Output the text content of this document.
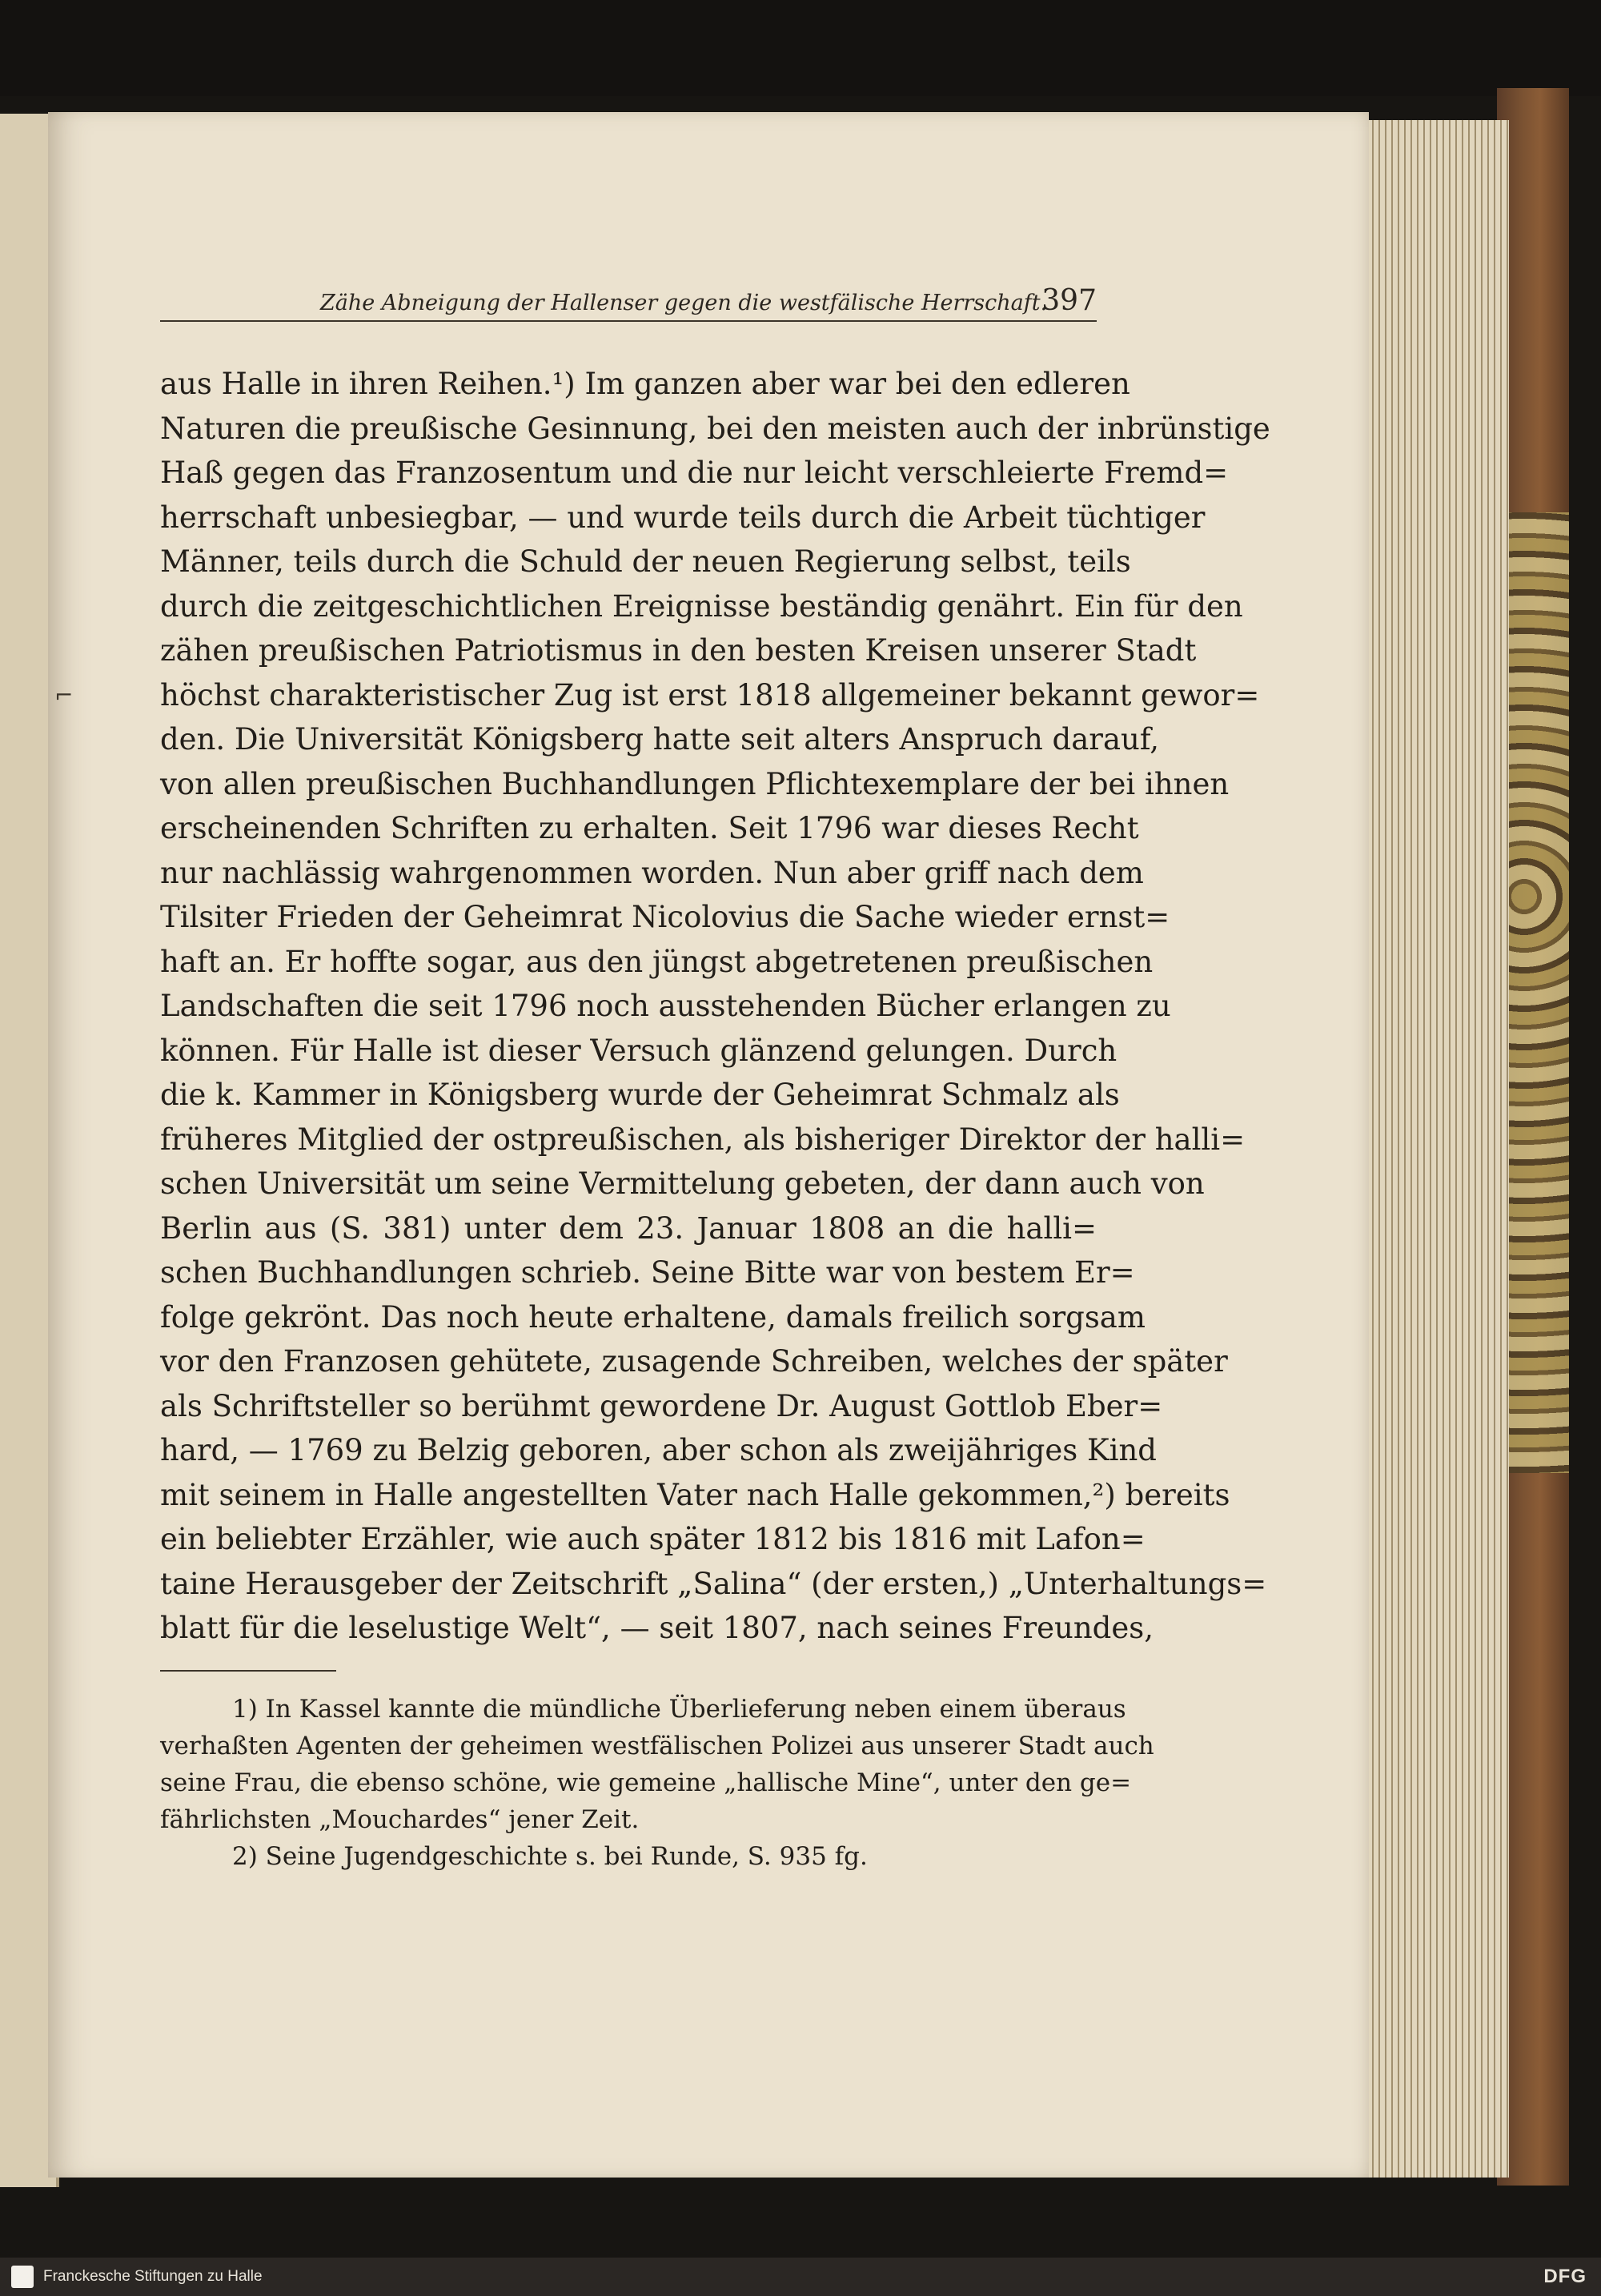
Zähe Abneigung der Hallenser gegen die westfälische Herrschaft.
397
⌐
aus Halle in ihren Reihen.¹) Im ganzen aber war bei den edleren
Naturen die preußische Gesinnung, bei den meisten auch der inbrünstige
Haß gegen das Franzosentum und die nur leicht verschleierte Fremd=
herrschaft unbesiegbar, — und wurde teils durch die Arbeit tüchtiger
Männer, teils durch die Schuld der neuen Regierung selbst, teils
durch die zeitgeschichtlichen Ereignisse beständig genährt. Ein für den
zähen preußischen Patriotismus in den besten Kreisen unserer Stadt
höchst charakteristischer Zug ist erst 1818 allgemeiner bekannt gewor=
den. Die Universität Königsberg hatte seit alters Anspruch darauf,
von allen preußischen Buchhandlungen Pflichtexemplare der bei ihnen
erscheinenden Schriften zu erhalten. Seit 1796 war dieses Recht
nur nachlässig wahrgenommen worden. Nun aber griff nach dem
Tilsiter Frieden der Geheimrat Nicolovius die Sache wieder ernst=
haft an. Er hoffte sogar, aus den jüngst abgetretenen preußischen
Landschaften die seit 1796 noch ausstehenden Bücher erlangen zu
können. Für Halle ist dieser Versuch glänzend gelungen. Durch
die k. Kammer in Königsberg wurde der Geheimrat Schmalz als
früheres Mitglied der ostpreußischen, als bisheriger Direktor der halli=
schen Universität um seine Vermittelung gebeten, der dann auch von
Berlin aus (S. 381) unter dem 23. Januar 1808 an die halli=
schen Buchhandlungen schrieb. Seine Bitte war von bestem Er=
folge gekrönt. Das noch heute erhaltene, damals freilich sorgsam
vor den Franzosen gehütete, zusagende Schreiben, welches der später
als Schriftsteller so berühmt gewordene Dr. August Gottlob Eber=
hard, — 1769 zu Belzig geboren, aber schon als zweijähriges Kind
mit seinem in Halle angestellten Vater nach Halle gekommen,²) bereits
ein beliebter Erzähler, wie auch später 1812 bis 1816 mit Lafon=
taine Herausgeber der Zeitschrift „Salina“ (der ersten,) „Unterhaltungs=
blatt für die leselustige Welt“, — seit 1807, nach seines Freundes,
1) In Kassel kannte die mündliche Überlieferung neben einem überaus
verhaßten Agenten der geheimen westfälischen Polizei aus unserer Stadt auch
seine Frau, die ebenso schöne, wie gemeine „hallische Mine“, unter den ge=
fährlichsten „Mouchardes“ jener Zeit.
2) Seine Jugendgeschichte s. bei Runde, S. 935 fg.
Franckesche Stiftungen zu Halle	DFG
